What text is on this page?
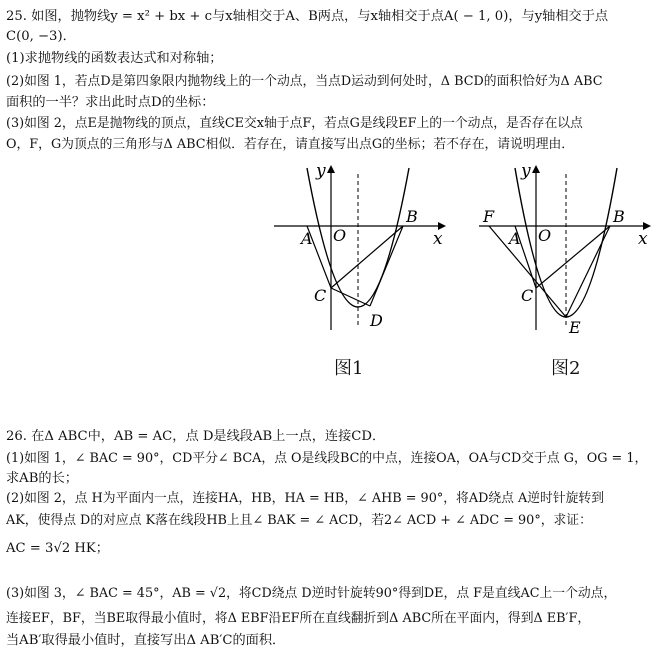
25. 如图，抛物线y = x² + bx + c与x轴相交于A、B两点，与x轴相交于点A( − 1, 0)，与y轴相交于点
C(0, −3)．
(1)求抛物线的函数表达式和对称轴；
(2)如图 1，若点D是第四象限内抛物线上的一个动点，当点D运动到何处时，Δ BCD的面积恰好为Δ ABC
面积的一半？求出此时点D的坐标：
(3)如图 2，点E是抛物线的顶点，直线CE交x轴于点F，若点G是线段EF上的一个动点，是否存在以点
O，F，G为顶点的三角形与Δ ABC相似．若存在，请直接写出点G的坐标；若不存在，请说明理由．
y
x
A O
B
C
D
图1
y
x
F
A O
B
C
E
图2
26. 在Δ ABC中，AB = AC，点 D是线段AB上一点，连接CD．
(1)如图 1，∠ BAC = 90°，CD平分∠ BCA，点 O是线段BC的中点，连接OA，OA与CD交于点 G，OG = 1，
求AB的长；
(2)如图 2，点 H为平面内一点，连接HA，HB，HA = HB，∠ AHB = 90°，将AD绕点 A逆时针旋转到
AK，使得点 D的对应点 K落在线段HB上且∠ BAK = ∠ ACD，若2∠ ACD + ∠ ADC = 90°，求证：
AC = 3√2 HK；
(3)如图 3，∠ BAC = 45°，AB = √2，将CD绕点 D逆时针旋转90°得到DE，点 F是直线AC上一个动点，
连接EF，BF，当BE取得最小值时，将Δ EBF沿EF所在直线翻折到Δ ABC所在平面内，得到Δ EB′F，
当AB′取得最小值时，直接写出Δ AB′C的面积．
